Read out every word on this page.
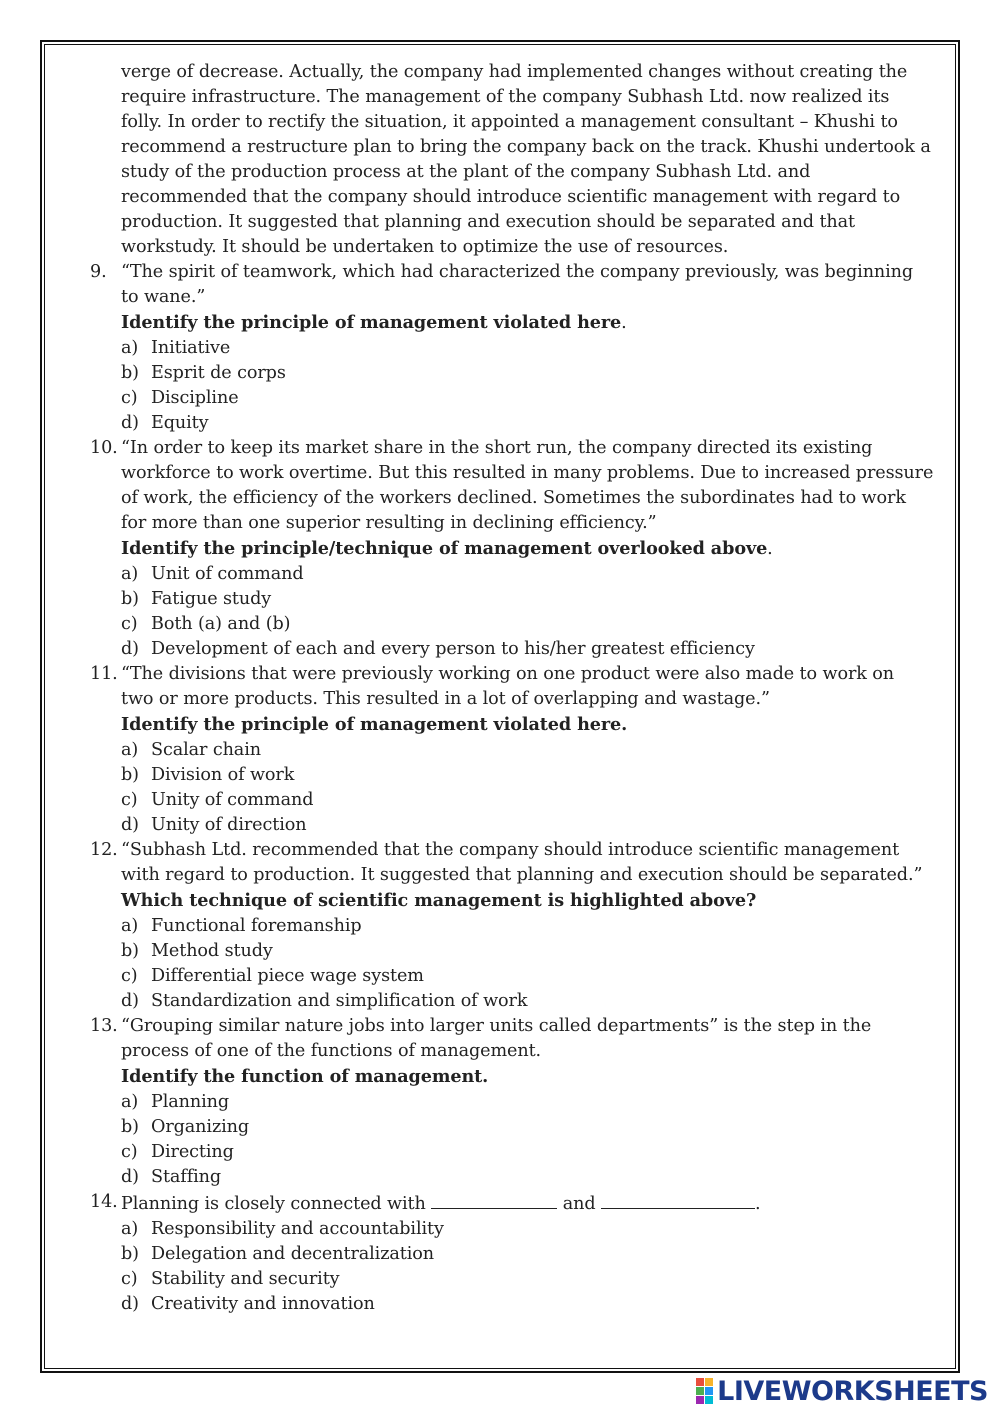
verge of decrease. Actually, the company had implemented changes without creating the
require infrastructure. The management of the company Subhash Ltd. now realized its
folly. In order to rectify the situation, it appointed a management consultant – Khushi to
recommend a restructure plan to bring the company back on the track. Khushi undertook a
study of the production process at the plant of the company Subhash Ltd. and
recommended that the company should introduce scientific management with regard to
production. It suggested that planning and execution should be separated and that
workstudy. It should be undertaken to optimize the use of resources.
9. “The spirit of teamwork, which had characterized the company previously, was beginning
to wane.”
Identify the principle of management violated here.
a) Initiative
b) Esprit de corps
c) Discipline
d) Equity
10. “In order to keep its market share in the short run, the company directed its existing
workforce to work overtime. But this resulted in many problems. Due to increased pressure
of work, the efficiency of the workers declined. Sometimes the subordinates had to work
for more than one superior resulting in declining efficiency.”
Identify the principle/technique of management overlooked above.
a) Unit of command
b) Fatigue study
c) Both (a) and (b)
d) Development of each and every person to his/her greatest efficiency
11. “The divisions that were previously working on one product were also made to work on
two or more products. This resulted in a lot of overlapping and wastage.”
Identify the principle of management violated here.
a) Scalar chain
b) Division of work
c) Unity of command
d) Unity of direction
12. “Subhash Ltd. recommended that the company should introduce scientific management
with regard to production. It suggested that planning and execution should be separated.”
Which technique of scientific management is highlighted above?
a) Functional foremanship
b) Method study
c) Differential piece wage system
d) Standardization and simplification of work
13. “Grouping similar nature jobs into larger units called departments” is the step in the
process of one of the functions of management.
Identify the function of management.
a) Planning
b) Organizing
c) Directing
d) Staffing
14. Planning is closely connected with	and	.
a) Responsibility and accountability
b) Delegation and decentralization
c) Stability and security
d) Creativity and innovation
LIVEWORKSHEETS
